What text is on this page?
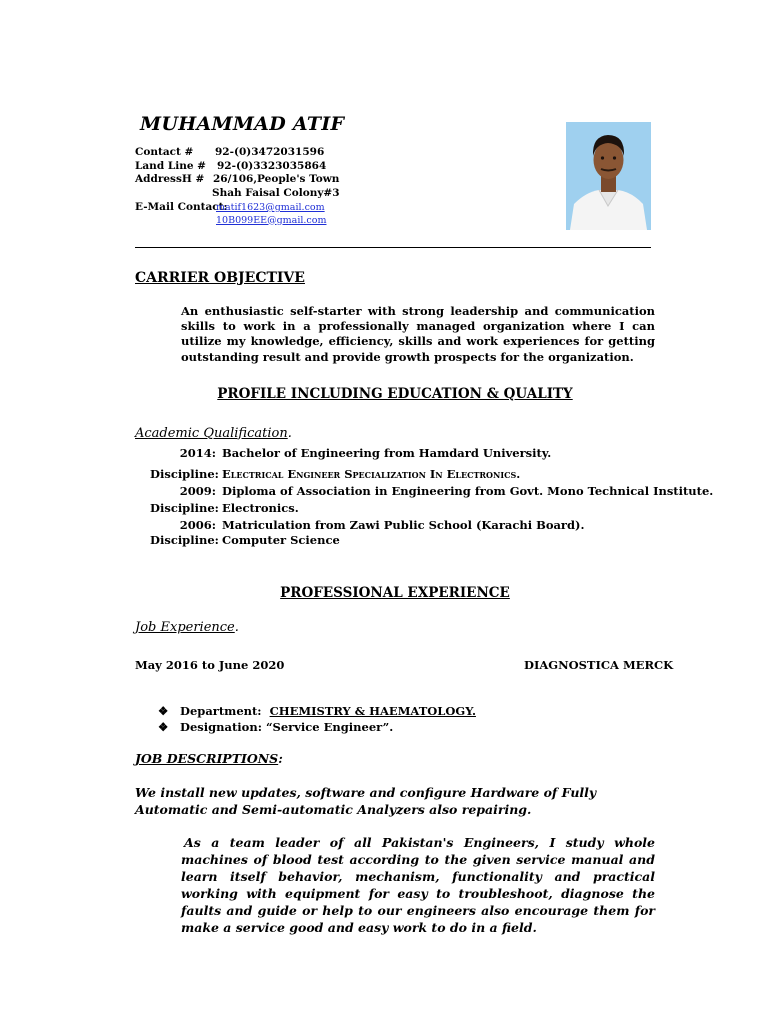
MUHAMMAD ATIF
Contact # 92-(0)3472031596
Land Line # 92-(0)3323035864
AddressH # 26/106,People's Town
Shah Faisal Colony#3
E-Mail Contact:
matif1623@gmail.com
10B099EE@gmail.com
CARRIER OBJECTIVE
An enthusiastic self-starter with strong leadership and communication skills to work in a professionally managed organization where I can utilize my knowledge, efficiency, skills and work experiences for getting outstanding result and provide growth prospects for the organization.
PROFILE INCLUDING EDUCATION & QUALITY
Academic Qualification.
2014: Bachelor of Engineering from Hamdard University.
Discipline: Electrical Engineer Specialization In Electronics.
2009: Diploma of Association in Engineering from Govt. Mono Technical Institute.
Discipline: Electronics.
2006: Matriculation from Zawi Public School (Karachi Board).
Discipline: Computer Science
PROFESSIONAL EXPERIENCE
Job Experience.
May 2016 to June 2020	DIAGNOSTICA MERCK
❖ Department: CHEMISTRY & HAEMATOLOGY.
❖ Designation: “Service Engineer”.
JOB DESCRIPTIONS:
We install new updates, software and configure Hardware of Fully Automatic and Semi-automatic Analyzers also repairing.
As a team leader of all Pakistan's Engineers, I study whole machines of blood test according to the given service manual and learn itself behavior, mechanism, functionality and practical working with equipment for easy to troubleshoot, diagnose the faults and guide or help to our engineers also encourage them for make a service good and easy work to do in a field.
